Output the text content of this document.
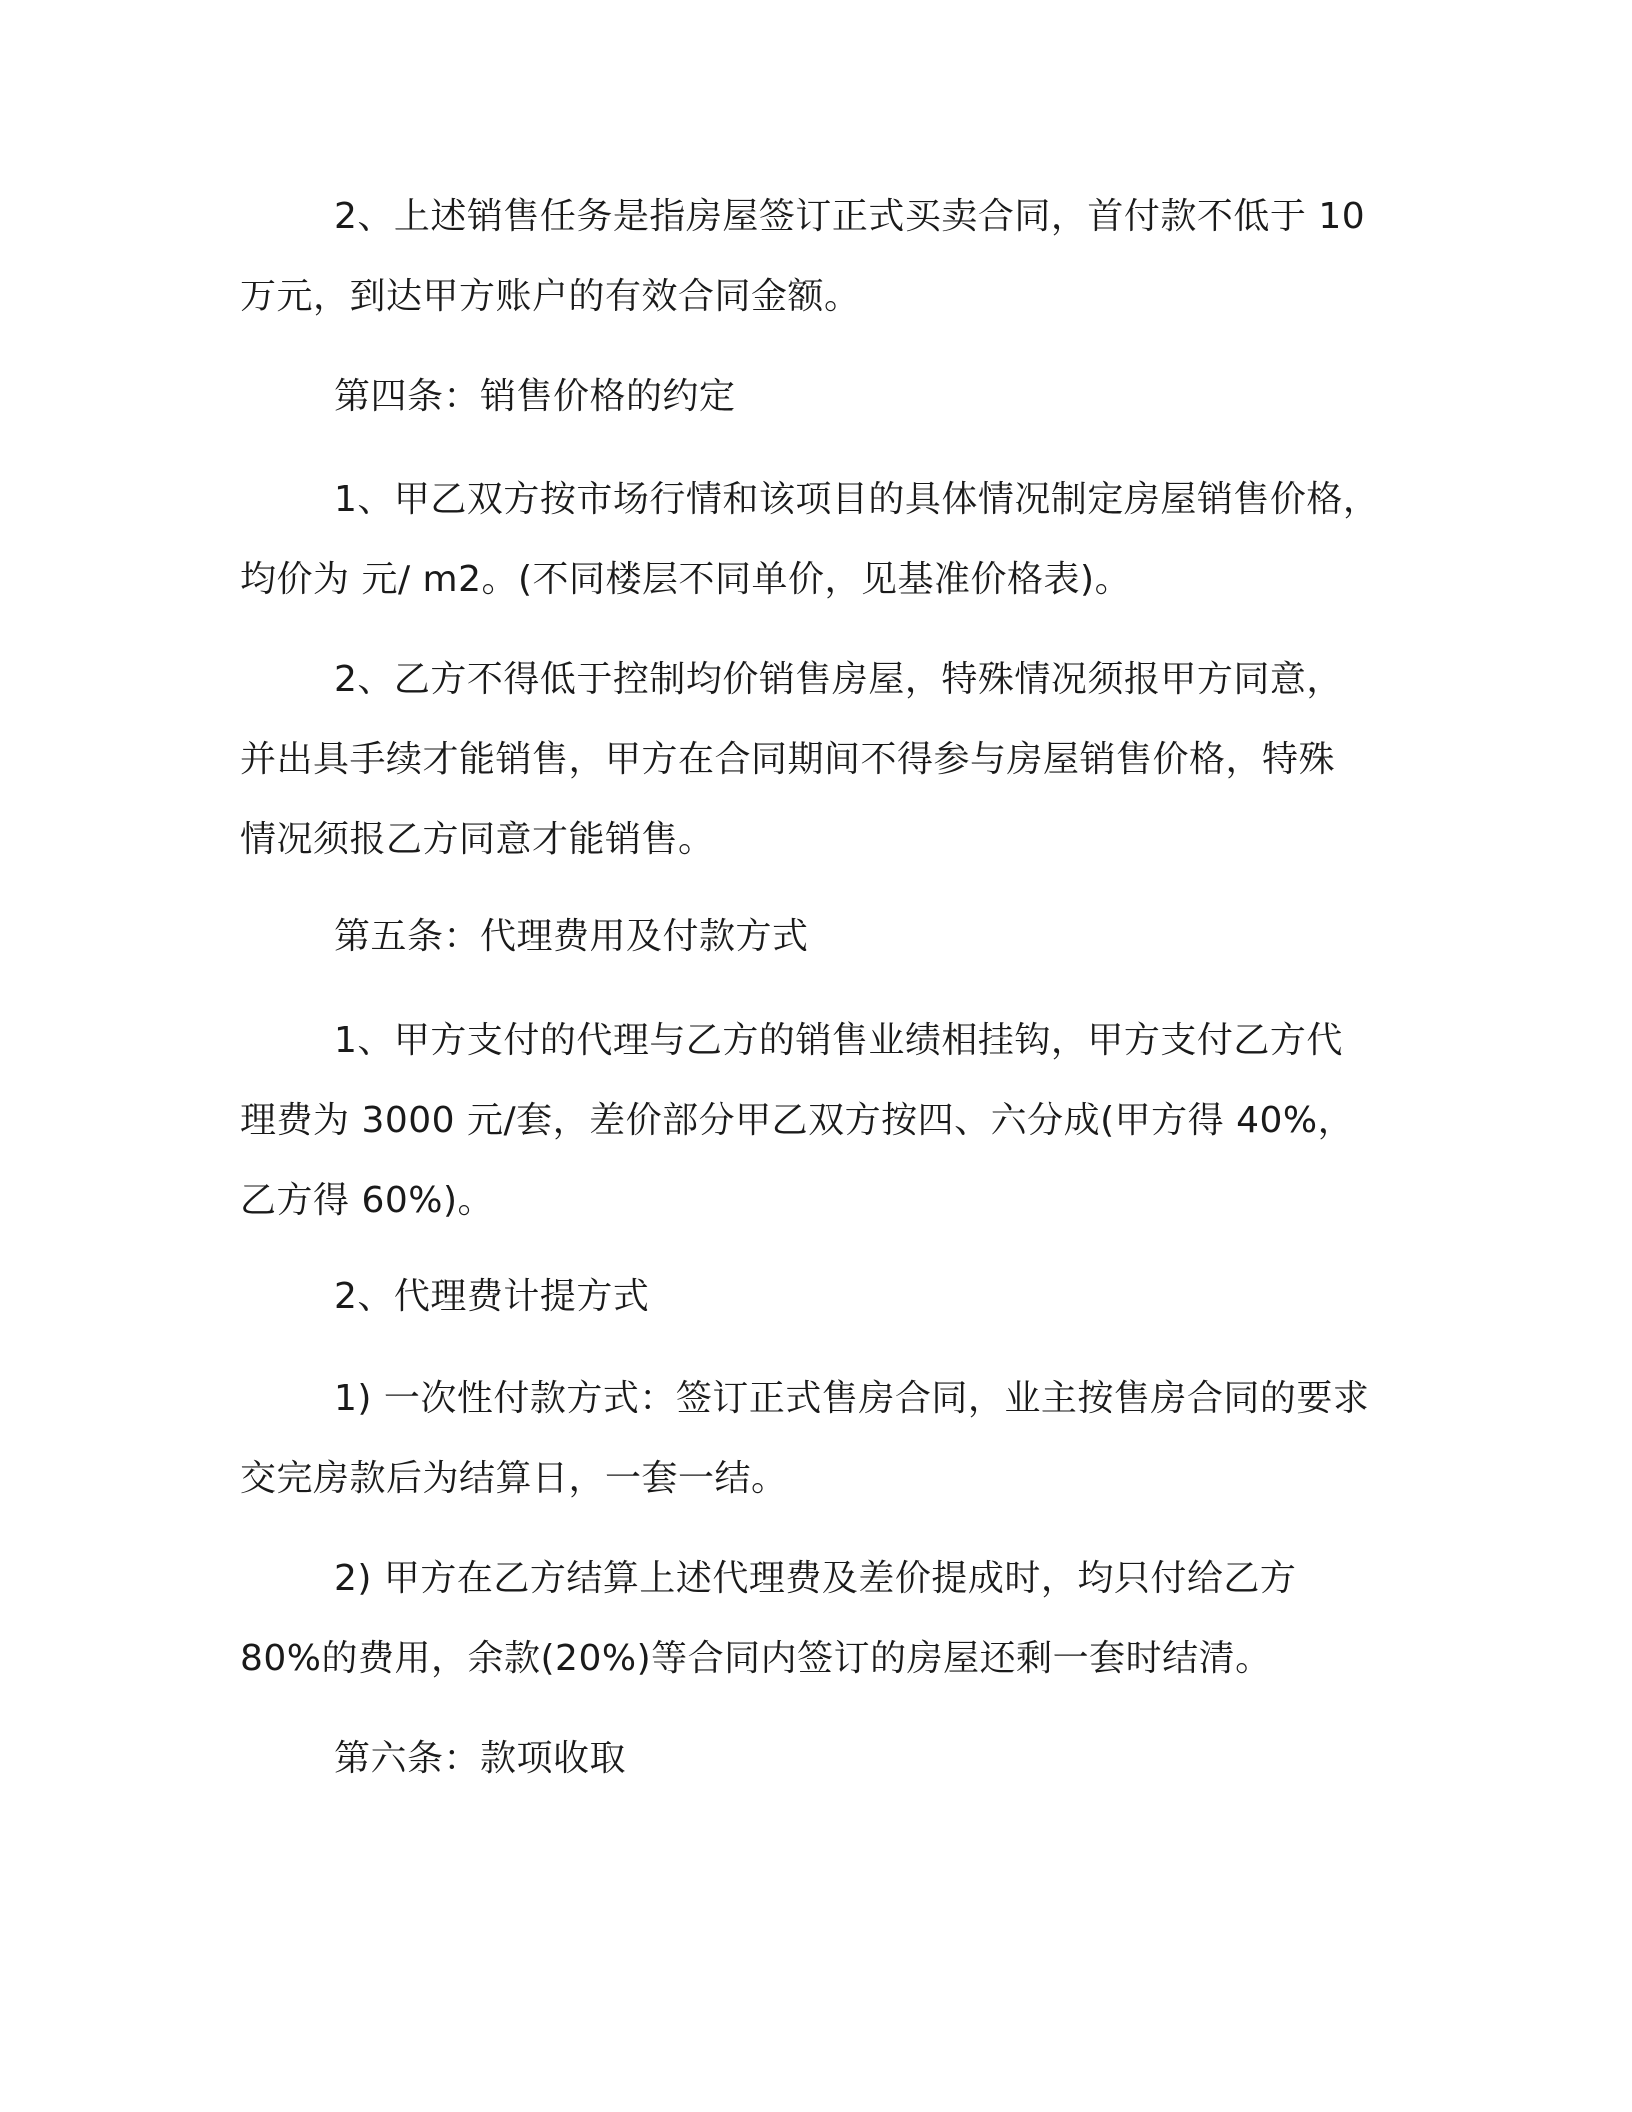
2、上述销售任务是指房屋签订正式买卖合同，首付款不低于 10
万元，到达甲方账户的有效合同金额。
第四条：销售价格的约定
1、甲乙双方按市场行情和该项目的具体情况制定房屋销售价格，
均价为 元/ m2。(不同楼层不同单价，见基准价格表)。
2、乙方不得低于控制均价销售房屋，特殊情况须报甲方同意，
并出具手续才能销售，甲方在合同期间不得参与房屋销售价格，特殊
情况须报乙方同意才能销售。
第五条：代理费用及付款方式
1、甲方支付的代理与乙方的销售业绩相挂钩，甲方支付乙方代
理费为 3000 元/套，差价部分甲乙双方按四、六分成(甲方得 40%，
乙方得 60%)。
2、代理费计提方式
1) 一次性付款方式：签订正式售房合同，业主按售房合同的要求
交完房款后为结算日，一套一结。
2) 甲方在乙方结算上述代理费及差价提成时，均只付给乙方
80%的费用，余款(20%)等合同内签订的房屋还剩一套时结清。
第六条：款项收取
